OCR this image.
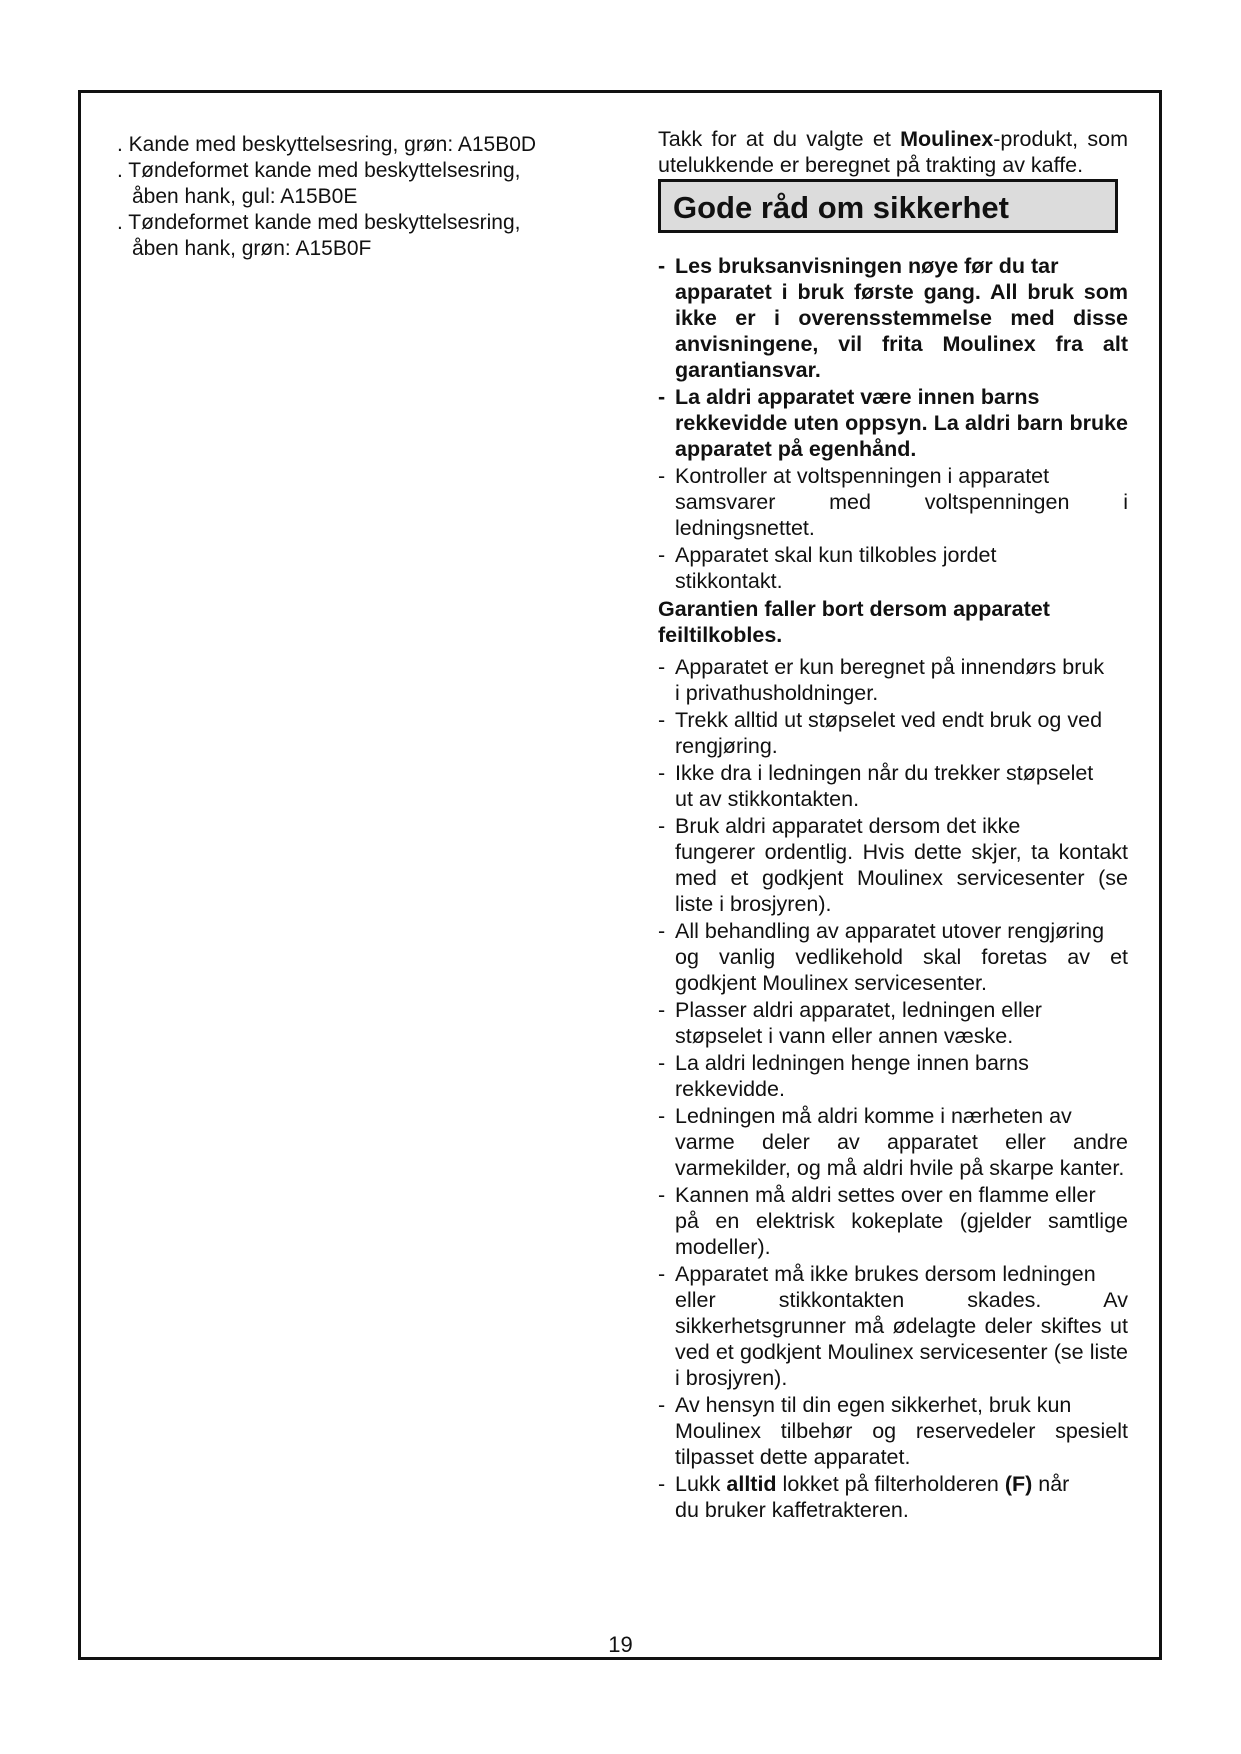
. Kande med beskyttelsesring, grøn: A15B0D

. Tøndeformet kande med beskyttelsesring,
åben hank, gul: A15B0E

. Tøndeformet kande med beskyttelsesring,
åben hank, grøn: A15B0F

Takk for at du valgte et Moulinex-produkt, som utelukkende er beregnet på trakting av kaffe.

Gode råd om sikkerhet

- Les bruksanvisningen nøye før du tar
apparatet i bruk første gang. All bruk som ikke er i overensstemmelse med disse anvisningene, vil frita Moulinex fra alt garantiansvar.

- La aldri apparatet være innen barns
rekkevidde uten oppsyn. La aldri barn bruke apparatet på egenhånd.

- Kontroller at voltspenningen i apparatet
samsvarer med voltspenningen i ledningsnettet.

- Apparatet skal kun tilkobles jordet
stikkontakt.

Garantien faller bort dersom apparatet feiltilkobles.

- Apparatet er kun beregnet på innendørs bruk
i privathusholdninger.

- Trekk alltid ut støpselet ved endt bruk og ved
rengjøring.

- Ikke dra i ledningen når du trekker støpselet
ut av stikkontakten.

- Bruk aldri apparatet dersom det ikke
fungerer ordentlig. Hvis dette skjer, ta kontakt med et godkjent Moulinex servicesenter (se liste i brosjyren).

- All behandling av apparatet utover rengjøring
og vanlig vedlikehold skal foretas av et godkjent Moulinex servicesenter.

- Plasser aldri apparatet, ledningen eller
støpselet i vann eller annen væske.

- La aldri ledningen henge innen barns
rekkevidde.

- Ledningen må aldri komme i nærheten av
varme deler av apparatet eller andre varmekilder, og må aldri hvile på skarpe kanter.

- Kannen må aldri settes over en flamme eller
på en elektrisk kokeplate (gjelder samtlige modeller).

- Apparatet må ikke brukes dersom ledningen
eller stikkontakten skades. Av sikkerhetsgrunner må ødelagte deler skiftes ut ved et godkjent Moulinex servicesenter (se liste i brosjyren).

- Av hensyn til din egen sikkerhet, bruk kun
Moulinex tilbehør og reservedeler spesielt tilpasset dette apparatet.

- Lukk alltid lokket på filterholderen (F) når
du bruker kaffetrakteren.

19
